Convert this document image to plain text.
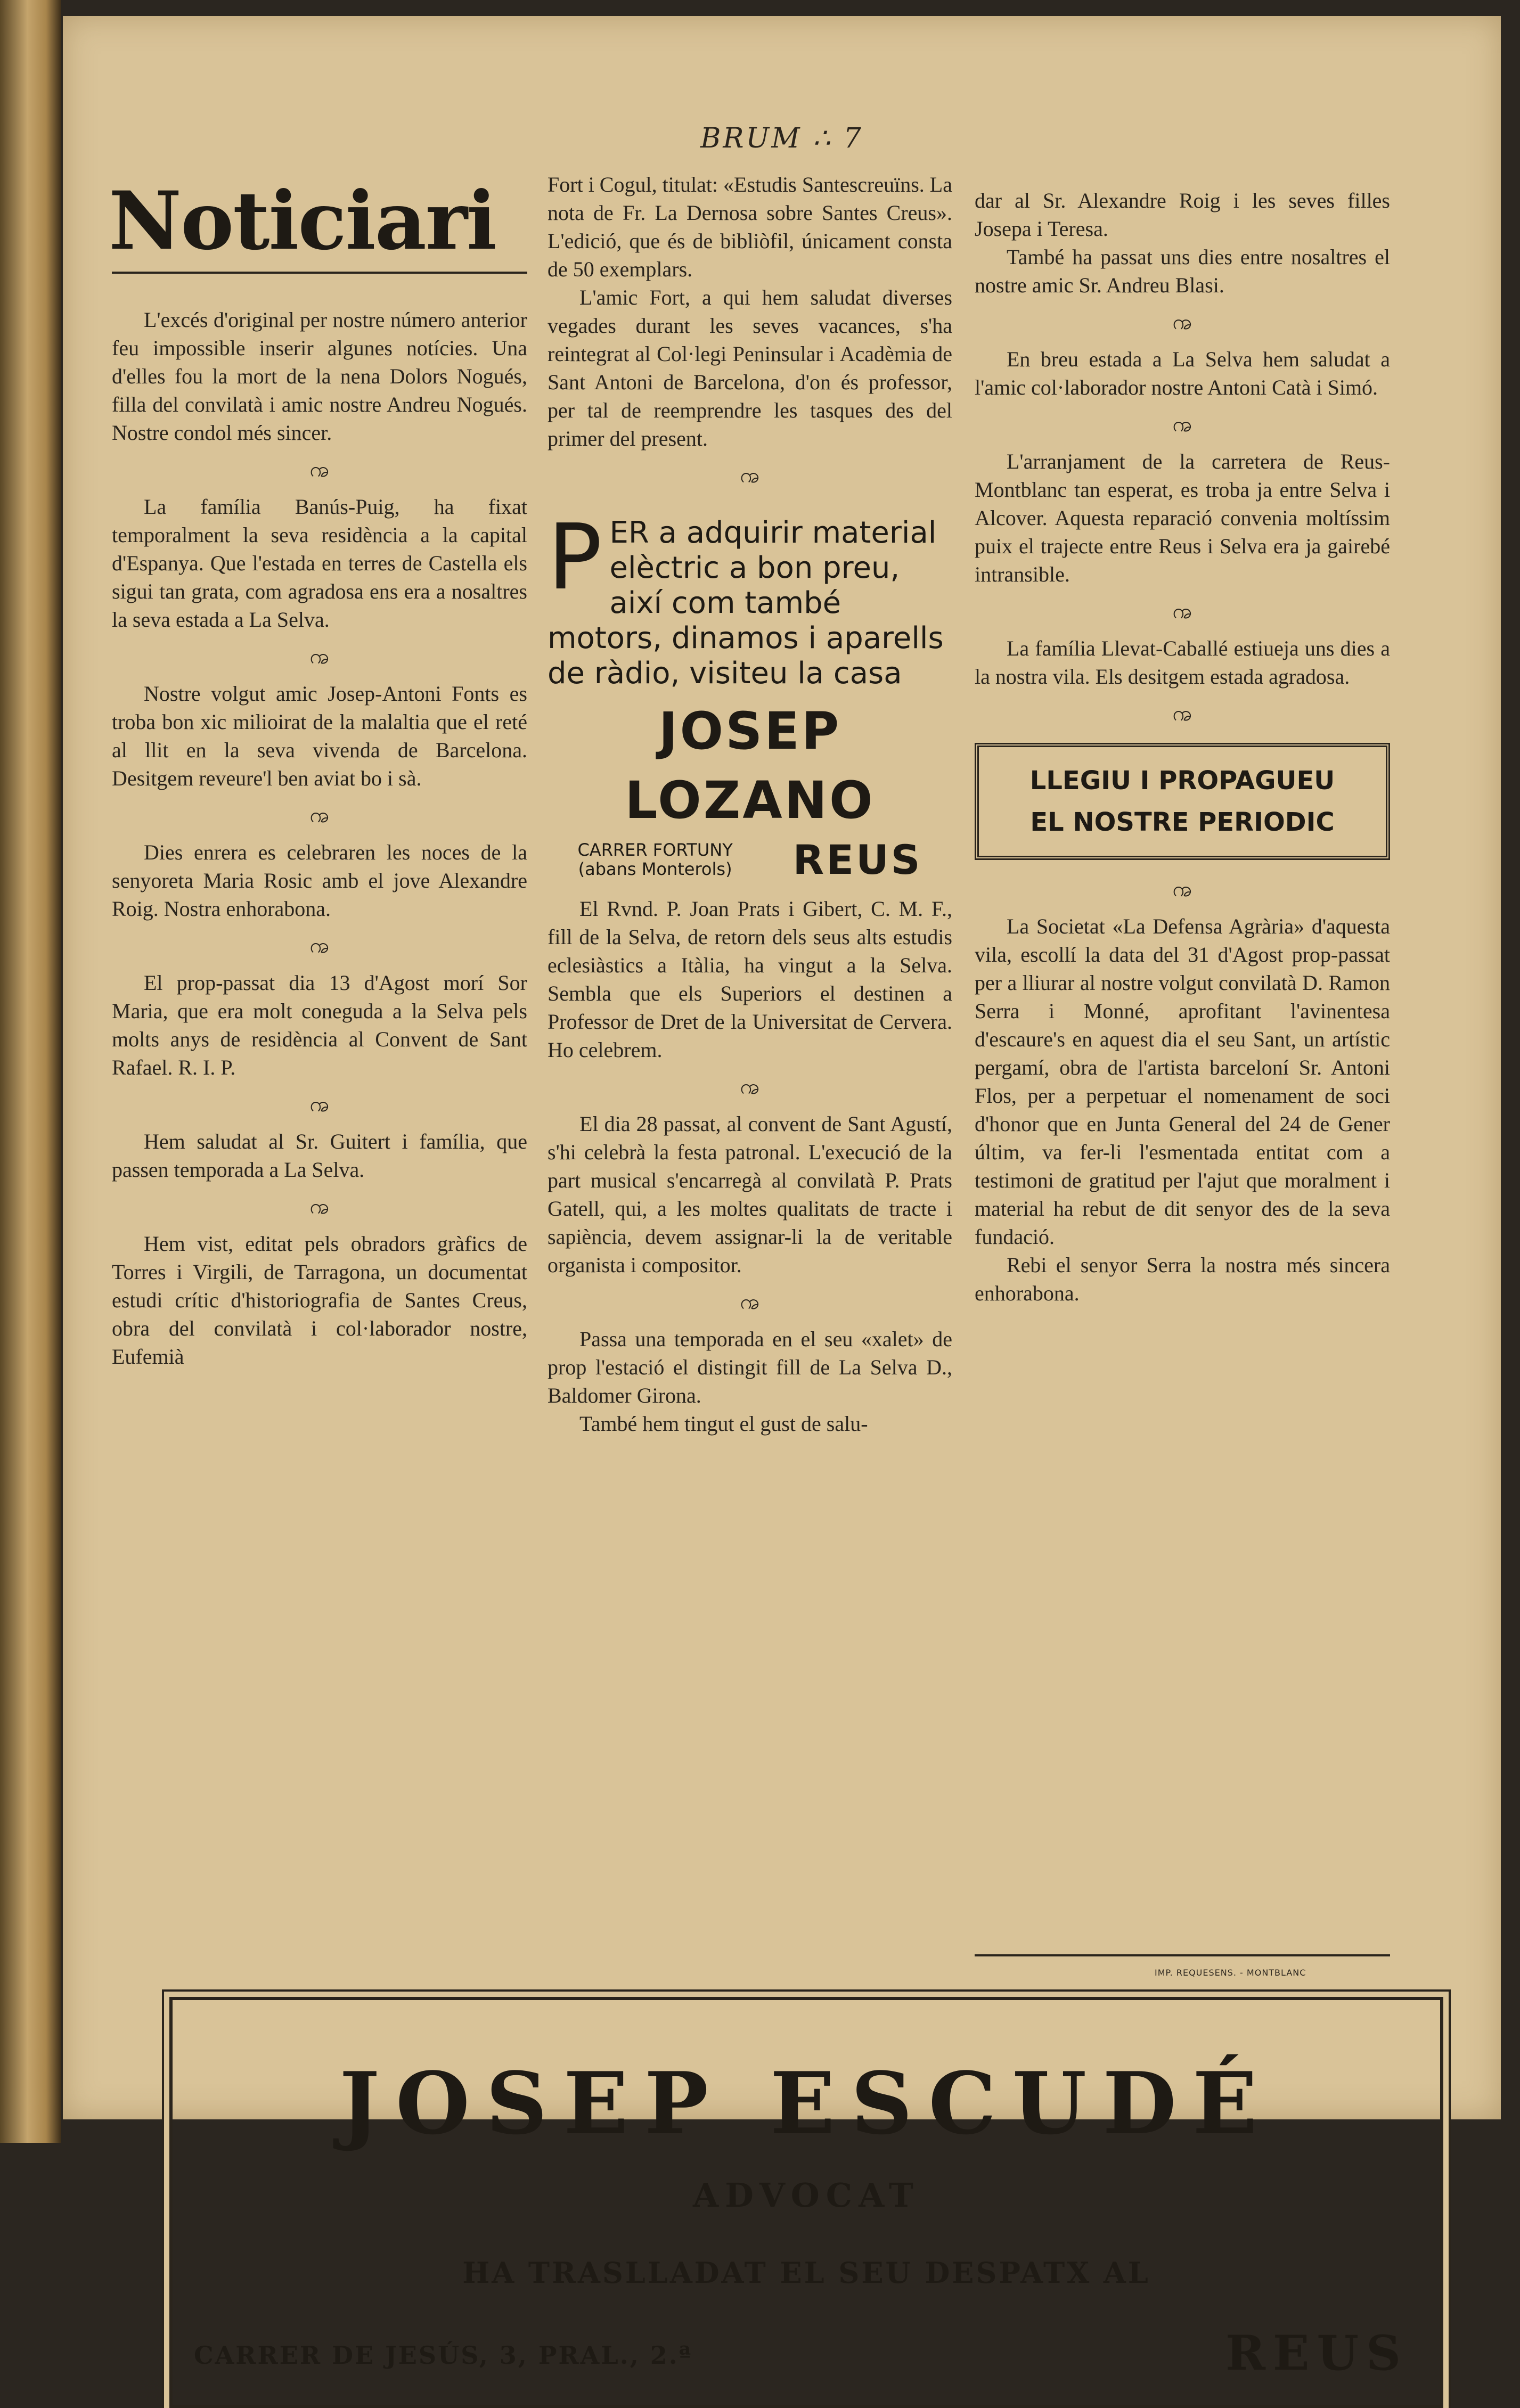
BRUM ∴ 7
Noticiari

L'excés d'original per nostre número anterior feu impossible inserir algunes notícies. Una d'elles fou la mort de la nena Dolors Nogués, filla del convilatà i amic nostre Andreu Nogués. Nostre condol més sincer.

ꩠ

La família Banús-Puig, ha fixat temporalment la seva residència a la capital d'Espanya. Que l'estada en terres de Castella els sigui tan grata, com agradosa ens era a nosaltres la seva estada a La Selva.

ꩠ

Nostre volgut amic Josep-Antoni Fonts es troba bon xic milioirat de la malaltia que el reté al llit en la seva vivenda de Barcelona. Desitgem reveure'l ben aviat bo i sà.

ꩠ

Dies enrera es celebraren les noces de la senyoreta Maria Rosic amb el jove Alexandre Roig. Nostra enhorabona.

ꩠ

El prop-passat dia 13 d'Agost morí Sor Maria, que era molt coneguda a la Selva pels molts anys de residència al Convent de Sant Rafael. R. I. P.

ꩠ

Hem saludat al Sr. Guitert i família, que passen temporada a La Selva.

ꩠ

Hem vist, editat pels obradors gràfics de Torres i Virgili, de Tarragona, un documentat estudi crític d'historiografia de Santes Creus, obra del convilatà i col·laborador nostre, Eufemià

Fort i Cogul, titulat: «Estudis Santescreuïns. La nota de Fr. La Dernosa sobre Santes Creus». L'edició, que és de bibliòfil, únicament consta de 50 exemplars.

L'amic Fort, a qui hem saludat diverses vegades durant les seves vacances, s'ha reintegrat al Col·legi Peninsular i Acadèmia de Sant Antoni de Barcelona, d'on és professor, per tal de reemprendre les tasques des del primer del present.

ꩠ
P ER a adquirir material elèctric a bon preu, així com també motors, dinamos i aparells de ràdio, visiteu la casa
JOSEP LOZANO
CARRER FORTUNY
(abans Monterols) REUS

El Rvnd. P. Joan Prats i Gibert, C. M. F., fill de la Selva, de retorn dels seus alts estudis eclesiàstics a Itàlia, ha vingut a la Selva. Sembla que els Superiors el destinen a Professor de Dret de la Universitat de Cervera. Ho celebrem.

ꩠ

El dia 28 passat, al convent de Sant Agustí, s'hi celebrà la festa patronal. L'execució de la part musical s'encarregà al convilatà P. Prats Gatell, qui, a les moltes qualitats de tracte i sapiència, devem assignar-li la de veritable organista i compositor.

ꩠ

Passa una temporada en el seu «xalet» de prop l'estació el distingit fill de La Selva D., Baldomer Girona.

També hem tingut el gust de salu-

dar al Sr. Alexandre Roig i les seves filles Josepa i Teresa.

També ha passat uns dies entre nosaltres el nostre amic Sr. Andreu Blasi.

ꩠ

En breu estada a La Selva hem saludat a l'amic col·laborador nostre Antoni Catà i Simó.

ꩠ

L'arranjament de la carretera de Reus-Montblanc tan esperat, es troba ja entre Selva i Alcover. Aquesta reparació convenia moltíssim puix el trajecte entre Reus i Selva era ja gairebé intransible.

ꩠ

La família Llevat-Caballé estiueja uns dies a la nostra vila. Els desitgem estada agradosa.

ꩠ
LLEGIU I PROPAGUEU
EL NOSTRE PERIODIC
ꩠ

La Societat «La Defensa Agrària» d'aquesta vila, escollí la data del 31 d'Agost prop-passat per a lliurar al nostre volgut convilatà D. Ramon Serra i Monné, aprofitant l'avinentesa d'escaure's en aquest dia el seu Sant, un artístic pergamí, obra de l'artista barceloní Sr. Antoni Flos, per a perpetuar el nomenament de soci d'honor que en Junta General del 24 de Gener últim, va fer-li l'esmentada entitat com a testimoni de gratitud per l'ajut que moralment i material ha rebut de dit senyor des de la seva fundació.

Rebi el senyor Serra la nostra més sincera enhorabona.

IMP. REQUESENS. - MONTBLANC
JOSEP ESCUDÉ
ADVOCAT
HA TRASLLADAT EL SEU DESPATX AL
CARRER DE JESÚS, 3, PRAL., 2.ª	REUS
